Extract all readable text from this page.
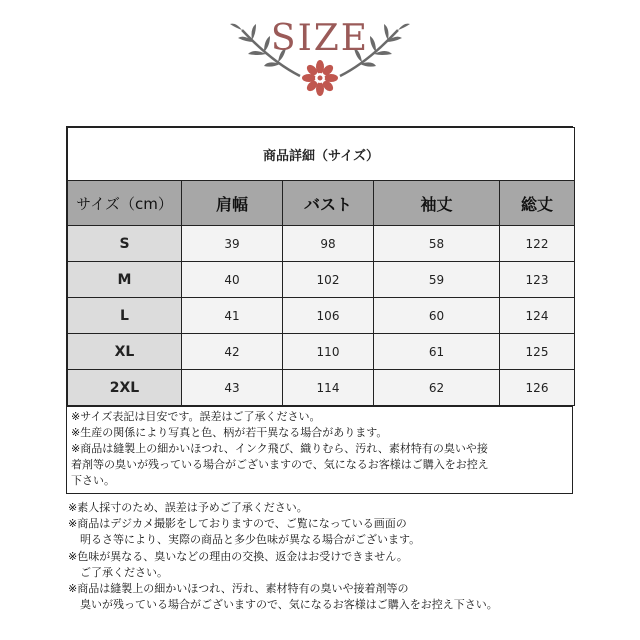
SIZE
商品詳細（サイズ）				
サイズ（cm）	肩幅	バスト	袖丈	総丈
S	39	98	58	122
M	40	102	59	123
L	41	106	60	124
XL	42	110	61	125
2XL	43	114	62	126
※サイズ表記は目安です。誤差はご了承ください。
※生産の関係により写真と色、柄が若干異なる場合があります。
※商品は縫製上の細かいほつれ、インク飛び、織りむら、汚れ、素材特有の臭いや接
着剤等の臭いが残っている場合がございますので、気になるお客様はご購入をお控え
下さい。
※素人採寸のため、誤差は予めご了承ください。
※商品はデジカメ撮影をしておりますので、ご覧になっている画面の
明るさ等により、実際の商品と多少色味が異なる場合がございます。
※色味が異なる、臭いなどの理由の交換、返金はお受けできません。
ご了承ください。
※商品は縫製上の細かいほつれ、汚れ、素材特有の臭いや接着剤等の
臭いが残っている場合がございますので、気になるお客様はご購入をお控え下さい。
